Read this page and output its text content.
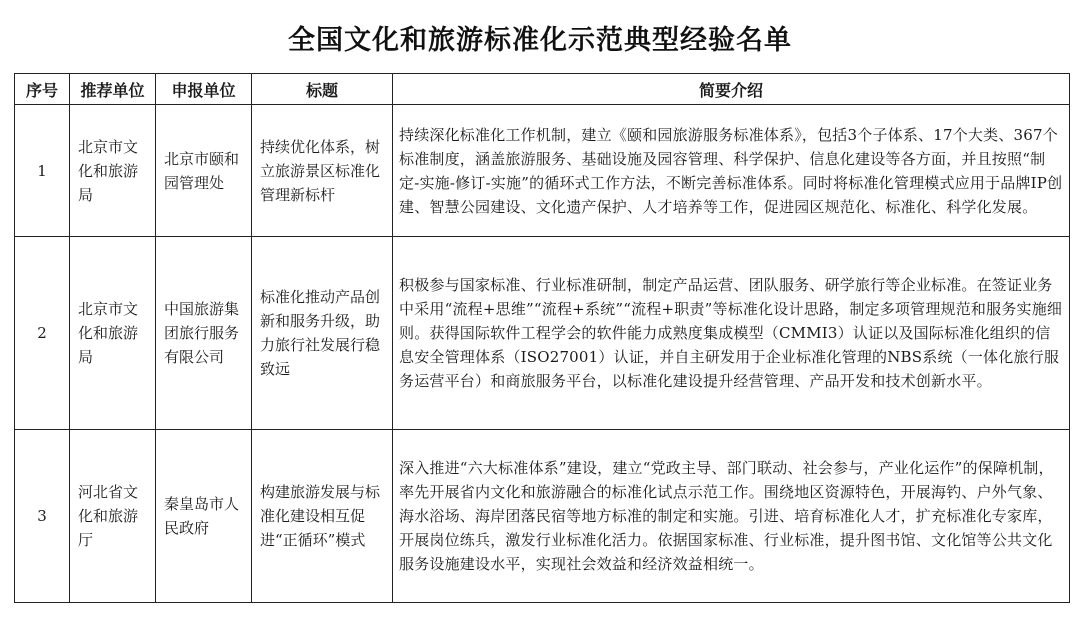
全国文化和旅游标准化示范典型经验名单
序号	推荐单位	申报单位	标题	简要介绍
1	北京市文化和旅游局	北京市颐和园管理处	持续优化体系，树立旅游景区标准化管理新标杆	持续深化标准化工作机制，建立《颐和园旅游服务标准体系》，包括3个子体系、17个大类、367个标准制度，涵盖旅游服务、基础设施及园容管理、科学保护、信息化建设等各方面，并且按照“制定-实施-修订-实施”的循环式工作方法，不断完善标准体系。同时将标准化管理模式应用于品牌IP创建、智慧公园建设、文化遗产保护、人才培养等工作，促进园区规范化、标准化、科学化发展。
2	北京市文化和旅游局	中国旅游集团旅行服务有限公司	标准化推动产品创新和服务升级，助力旅行社发展行稳致远	积极参与国家标准、行业标准研制，制定产品运营、团队服务、研学旅行等企业标准。在签证业务中采用“流程+思维”“流程+系统”“流程+职责”等标准化设计思路，制定多项管理规范和服务实施细则。获得国际软件工程学会的软件能力成熟度集成模型（CMMI3）认证以及国际标准化组织的信息安全管理体系（ISO27001）认证，并自主研发用于企业标准化管理的NBS系统（一体化旅行服务运营平台）和商旅服务平台，以标准化建设提升经营管理、产品开发和技术创新水平。
3	河北省文化和旅游厅	秦皇岛市人民政府	构建旅游发展与标准化建设相互促进“正循环”模式	深入推进“六大标准体系”建设，建立“党政主导、部门联动、社会参与，产业化运作”的保障机制，率先开展省内文化和旅游融合的标准化试点示范工作。围绕地区资源特色，开展海钓、户外气象、海水浴场、海岸团落民宿等地方标准的制定和实施。引进、培育标准化人才，扩充标准化专家库，开展岗位练兵，激发行业标准化活力。依据国家标准、行业标准，提升图书馆、文化馆等公共文化服务设施建设水平，实现社会效益和经济效益相统一。
